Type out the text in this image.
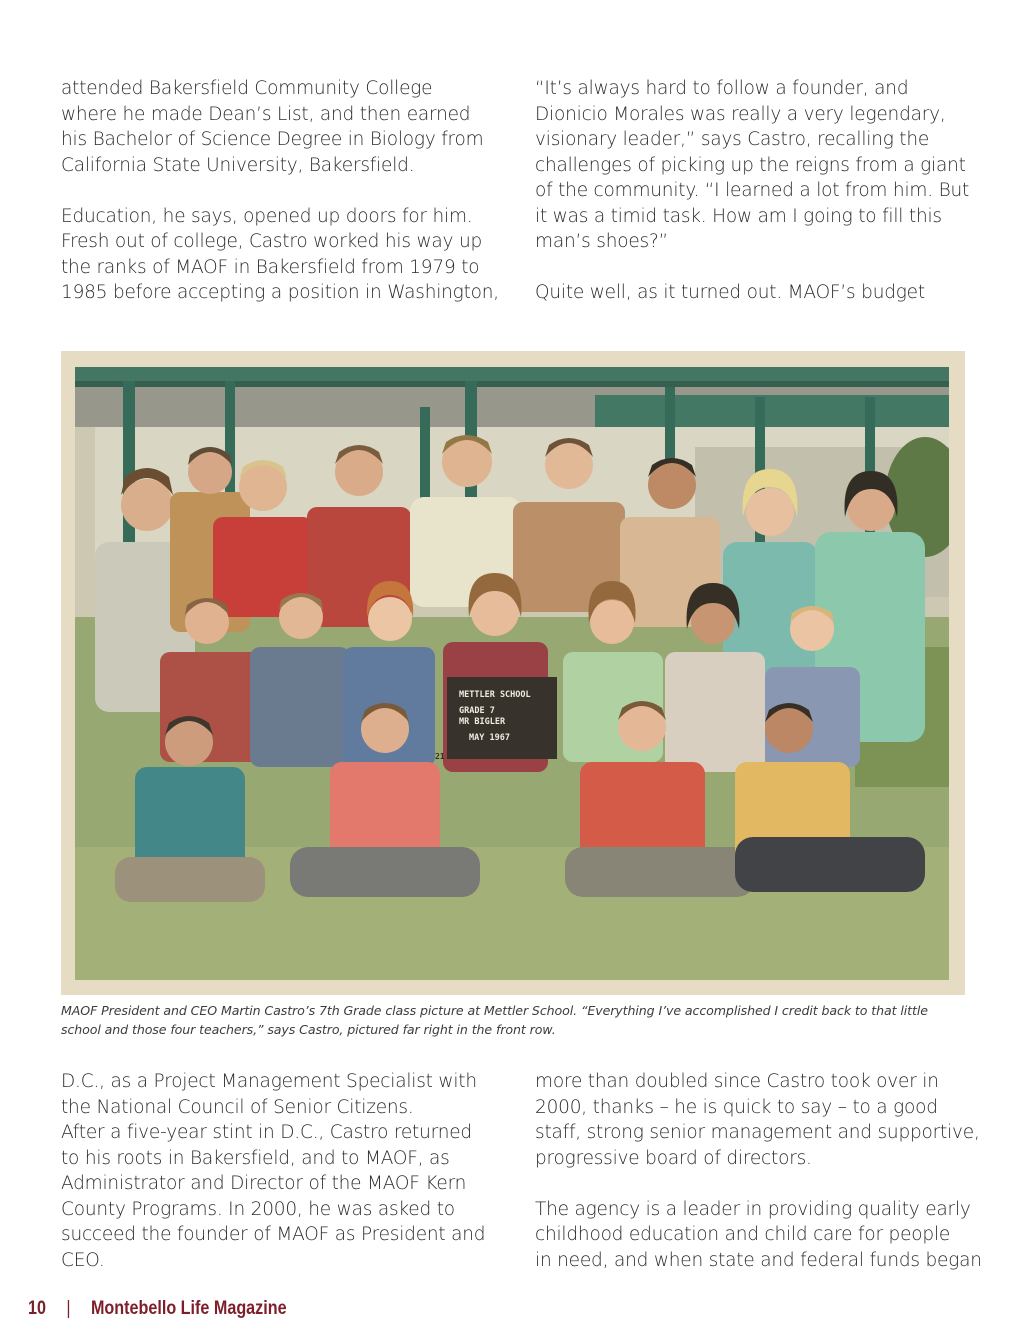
attended Bakersfield Community College
where he made Dean’s List, and then earned
his Bachelor of Science Degree in Biology from
California State University, Bakersfield.
Education, he says, opened up doors for him.
Fresh out of college, Castro worked his way up
the ranks of MAOF in Bakersfield from 1979 to
1985 before accepting a position in Washington,
“It’s always hard to follow a founder, and
Dionicio Morales was really a very legendary,
visionary leader,” says Castro, recalling the
challenges of picking up the reigns from a giant
of the community. “I learned a lot from him. But
it was a timid task. How am I going to fill this
man’s shoes?”
Quite well, as it turned out. MAOF’s budget
METTLER SCHOOL
GRADE 7
MR BIGLER
MAY 1967
21

MAOF President and CEO Martin Castro’s 7th Grade class picture at Mettler School. “Everything I’ve accomplished I credit back to that little school and those four teachers,” says Castro, pictured far right in the front row.

D.C., as a Project Management Specialist with
the National Council of Senior Citizens.
After a five-year stint in D.C., Castro returned
to his roots in Bakersfield, and to MAOF, as
Administrator and Director of the MAOF Kern
County Programs. In 2000, he was asked to
succeed the founder of MAOF as President and
CEO.
more than doubled since Castro took over in
2000, thanks – he is quick to say – to a good
staff, strong senior management and supportive,
progressive board of directors.
The agency is a leader in providing quality early
childhood education and child care for people
in need, and when state and federal funds began
10 | Montebello Life Magazine
